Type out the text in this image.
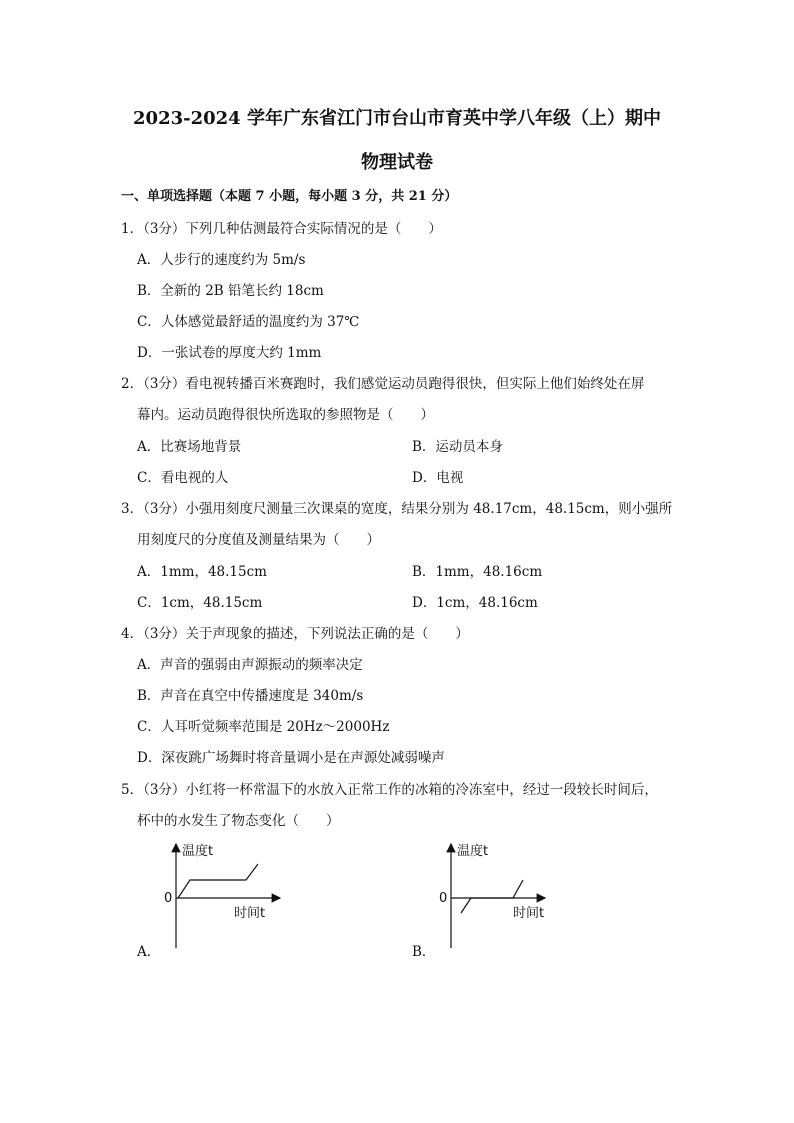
2023-2024 学年广东省江门市台山市育英中学八年级（上）期中
物理试卷
一、单项选择题（本题 7 小题，每小题 3 分，共 21 分）
1．（3分）下列几种估测最符合实际情况的是（　　）
A．人步行的速度约为 5m/s
B．全新的 2B 铅笔长约 18cm
C．人体感觉最舒适的温度约为 37℃
D．一张试卷的厚度大约 1mm
2．（3分）看电视转播百米赛跑时，我们感觉运动员跑得很快，但实际上他们始终处在屏
幕内。运动员跑得很快所选取的参照物是（　　）
A．比赛场地背景	B．运动员本身
C．看电视的人	D．电视
3．（3分）小强用刻度尺测量三次课桌的宽度，结果分别为 48.17cm，48.15cm，则小强所
用刻度尺的分度值及测量结果为（　　）
A．1mm，48.15cm	B．1mm，48.16cm
C．1cm，48.15cm	D．1cm，48.16cm
4．（3分）关于声现象的描述，下列说法正确的是（　　）
A．声音的强弱由声源振动的频率决定
B．声音在真空中传播速度是 340m/s
C．人耳听觉频率范围是 20Hz～2000Hz
D．深夜跳广场舞时将音量调小是在声源处减弱噪声
5．（3分）小红将一杯常温下的水放入正常工作的冰箱的冷冻室中，经过一段较长时间后，
杯中的水发生了物态变化（　　）
温度t
0
时间t
A．
温度t
0
时间t
B．
